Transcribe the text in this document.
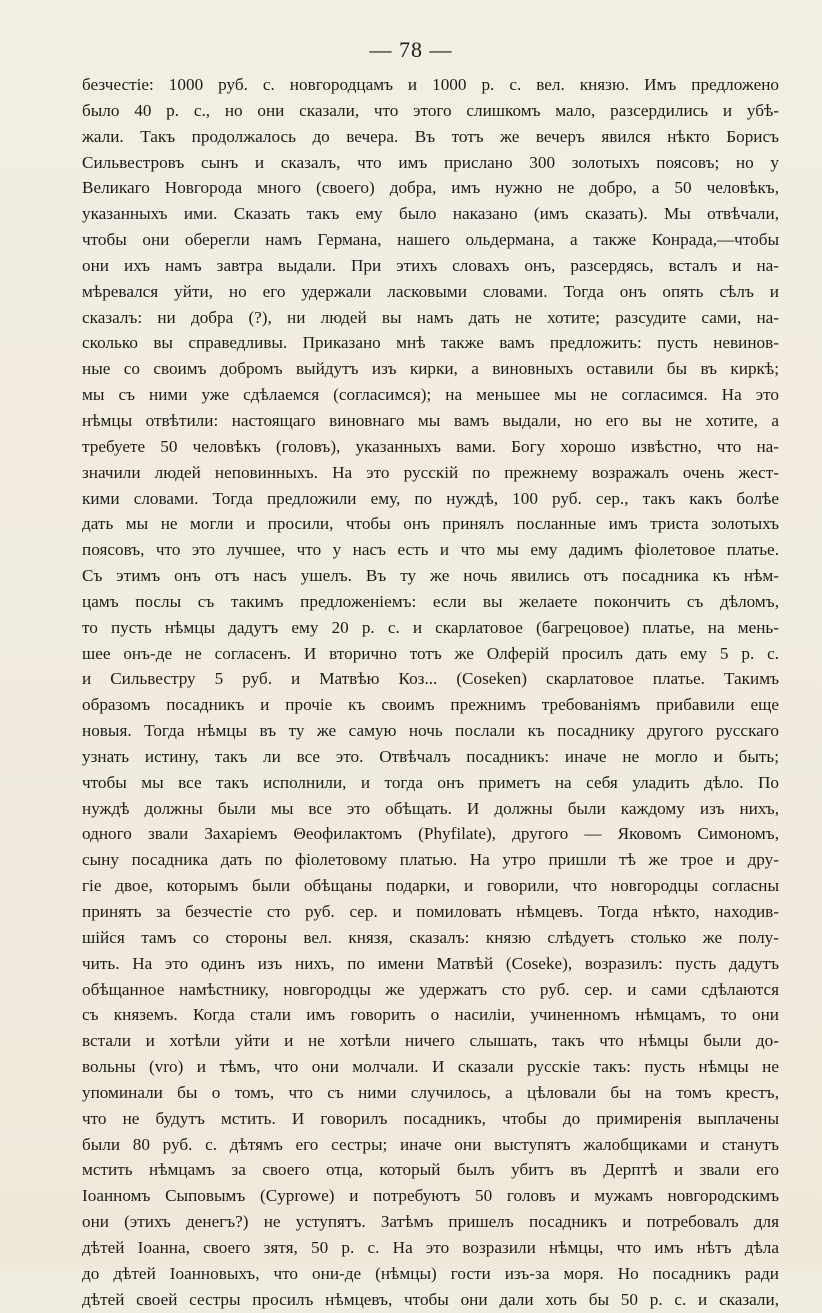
— 78 —
безчестіе: 1000 руб. с. новгородцамъ и 1000 р. с. вел. князю. Имъ предложено
было 40 р. с., но они сказали, что этого слишкомъ мало, разсердились и убѣ-
жали. Такъ продолжалось до вечера. Въ тотъ же вечеръ явился нѣкто Борисъ
Сильвестровъ сынъ и сказалъ, что имъ прислано 300 золотыхъ поясовъ; но у
Великаго Новгорода много (своего) добра, имъ нужно не добро, а 50 человѣкъ,
указанныхъ ими. Сказать такъ ему было наказано (имъ сказать). Мы отвѣчали,
чтобы они оберегли намъ Германа, нашего ольдермана, а также Конрада,—чтобы
они ихъ намъ завтра выдали. При этихъ словахъ онъ, разсердясь, всталъ и на-
мѣревался уйти, но его удержали ласковыми словами. Тогда онъ опять сѣлъ и
сказалъ: ни добра (?), ни людей вы намъ дать не хотите; разсудите сами, на-
сколько вы справедливы. Приказано мнѣ также вамъ предложить: пусть невинов-
ные со своимъ добромъ выйдутъ изъ кирки, а виновныхъ оставили бы въ киркѣ;
мы съ ними уже сдѣлаемся (согласимся); на меньшее мы не согласимся. На это
нѣмцы отвѣтили: настоящаго виновнаго мы вамъ выдали, но его вы не хотите, а
требуете 50 человѣкъ (головъ), указанныхъ вами. Богу хорошо извѣстно, что на-
значили людей неповинныхъ. На это русскій по прежнему возражалъ очень жест-
кими словами. Тогда предложили ему, по нуждѣ, 100 руб. сер., такъ какъ болѣе
дать мы не могли и просили, чтобы онъ принялъ посланные имъ триста золотыхъ
поясовъ, что это лучшее, что у насъ есть и что мы ему дадимъ фіолетовое платье.
Съ этимъ онъ отъ насъ ушелъ. Въ ту же ночь явились отъ посадника къ нѣм-
цамъ послы съ такимъ предложеніемъ: если вы желаете покончить съ дѣломъ,
то пусть нѣмцы дадутъ ему 20 р. с. и скарлатовое (багрецовое) платье, на мень-
шее онъ-де не согласенъ. И вторично тотъ же Олферій просилъ дать ему 5 р. с.
и Сильвестру 5 руб. и Матвѣю Коз... (Coseken) скарлатовое платье. Такимъ
образомъ посадникъ и прочіе къ своимъ прежнимъ требованіямъ прибавили еще
новыя. Тогда нѣмцы въ ту же самую ночь послали къ посаднику другого русскаго
узнать истину, такъ ли все это. Отвѣчалъ посадникъ: иначе не могло и быть;
чтобы мы все такъ исполнили, и тогда онъ приметъ на себя уладить дѣло. По
нуждѣ должны были мы все это обѣщать. И должны были каждому изъ нихъ,
одного звали Захаріемъ Θеофилактомъ (Phyfilate), другого — Яковомъ Симономъ,
сыну посадника дать по фіолетовому платью. На утро пришли тѣ же трое и дру-
гіе двое, которымъ были обѣщаны подарки, и говорили, что новгородцы согласны
принять за безчестіе сто руб. сер. и помиловать нѣмцевъ. Тогда нѣкто, находив-
шійся тамъ со стороны вел. князя, сказалъ: князю слѣдуетъ столько же полу-
чить. На это одинъ изъ нихъ, по имени Матвѣй (Coseke), возразилъ: пусть дадутъ
обѣщанное намѣстнику, новгородцы же удержатъ сто руб. сер. и сами сдѣлаются
съ княземъ. Когда стали имъ говорить о насиліи, учиненномъ нѣмцамъ, то они
встали и хотѣли уйти и не хотѣли ничего слышать, такъ что нѣмцы были до-
вольны (vro) и тѣмъ, что они молчали. И сказали русскіе такъ: пусть нѣмцы не
упоминали бы о томъ, что съ ними случилось, а цѣловали бы на томъ крестъ,
что не будутъ мстить. И говорилъ посадникъ, чтобы до примиренія выплачены
были 80 руб. с. дѣтямъ его сестры; иначе они выступятъ жалобщиками и станутъ
мстить нѣмцамъ за своего отца, который былъ убитъ въ Дерптѣ и звали его
Іоанномъ Сыповымъ (Cyprowe) и потребуютъ 50 головъ и мужамъ новгородскимъ
они (этихъ денегъ?) не уступятъ. Затѣмъ пришелъ посадникъ и потребовалъ для
дѣтей Іоанна, своего зятя, 50 р. с. На это возразили нѣмцы, что имъ нѣтъ дѣла
до дѣтей Іоанновыхъ, что они-де (нѣмцы) гости изъ-за моря. Но посадникъ ради
дѣтей своей сестры просилъ нѣмцевъ, чтобы они дали хоть бы 50 р. с. и сказали,
